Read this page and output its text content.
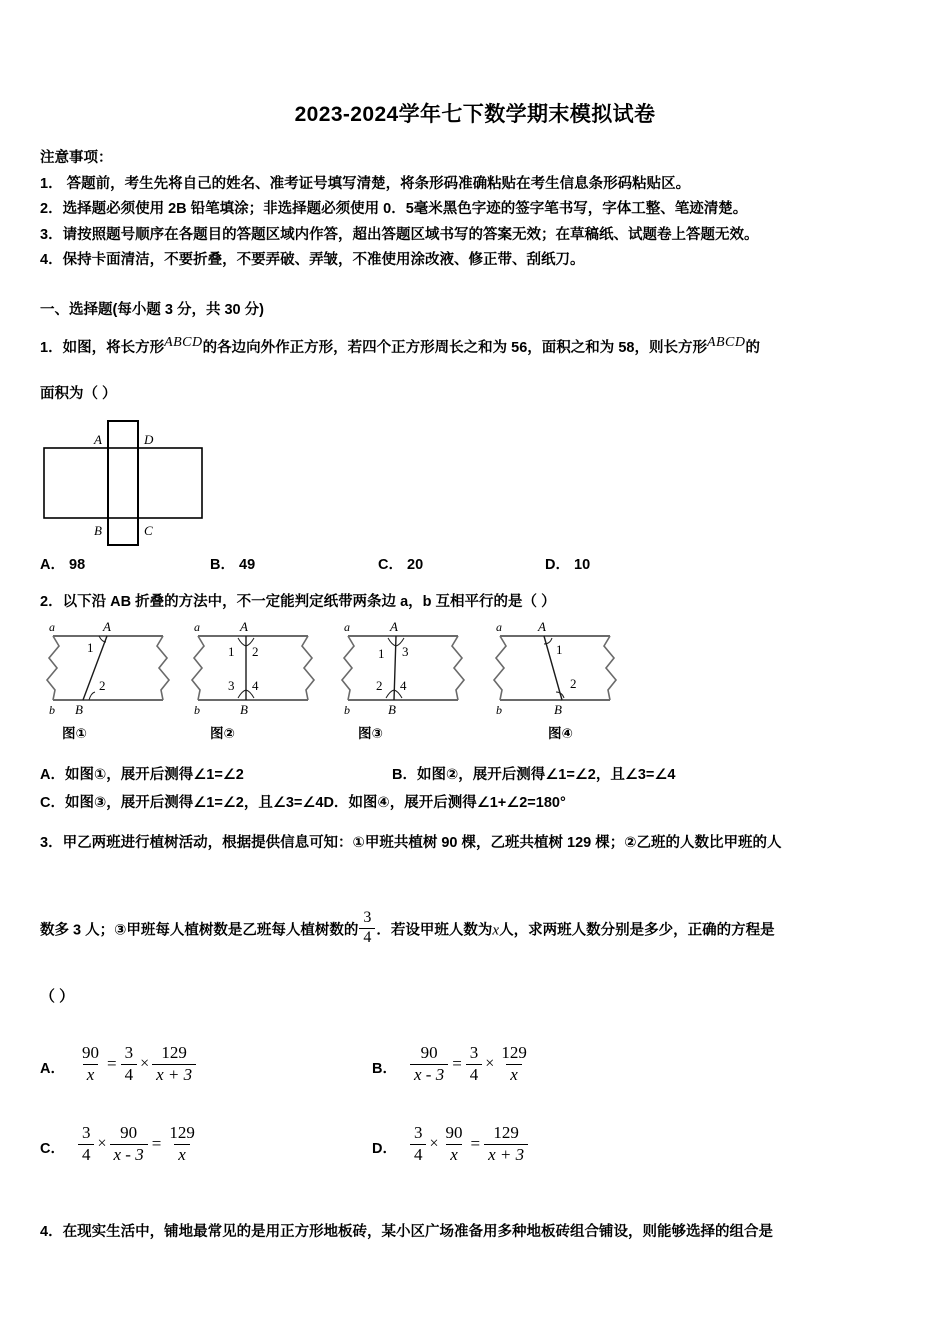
2023-2024学年七下数学期末模拟试卷
注意事项：
1． 答题前，考生先将自己的姓名、准考证号填写清楚，将条形码准确粘贴在考生信息条形码粘贴区。
2．选择题必须使用 2B 铅笔填涂；非选择题必须使用 0．5毫米黑色字迹的签字笔书写，字体工整、笔迹清楚。
3．请按照题号顺序在各题目的答题区域内作答，超出答题区域书写的答案无效；在草稿纸、试题卷上答题无效。
4．保持卡面清洁，不要折叠，不要弄破、弄皱，不准使用涂改液、修正带、刮纸刀。
一、选择题(每小题 3 分，共 30 分)
1．如图，将长方形ABCD的各边向外作正方形，若四个正方形周长之和为 56，面积之和为 58，则长方形ABCD的
面积为（ ）
A	D
B	C
A． 98	B． 49	C． 20	D． 10
2．以下沿 AB 折叠的方法中，不一定能判定纸带两条边 a，b 互相平行的是（ ）
a
b
A
B
1
2
图①
a
b
A
B
1 2
3 4
图②
a
b
A
B
1 3
2 4
图③
a
b
A
B
1
2
图④
A．如图①，展开后测得∠1=∠2	B．如图②，展开后测得∠1=∠2，且∠3=∠4
C．如图③，展开后测得∠1=∠2，且∠3=∠4D．如图④，展开后测得∠1+∠2=180°
3．甲乙两班进行植树活动，根据提供信息可知：①甲班共植树 90 棵，乙班共植树 129 棵；②乙班的人数比甲班的人
数多 3 人；③甲班每人植树数是乙班每人植树数的 $\frac{3}{4}$ ．若设甲班人数为x人，求两班人数分别是多少，正确的方程是
（ ）
A． $\frac{90}{x} = \frac{3}{4} \times \frac{129}{x + 3}$	B． $\frac{90}{x - 3} = \frac{3}{4} \times \frac{129}{x}$
C． $\frac{3}{4} \times \frac{90}{x - 3} = \frac{129}{x}$	D． $\frac{3}{4} \times \frac{90}{x} = \frac{129}{x + 3}$
4．在现实生活中，铺地最常见的是用正方形地板砖，某小区广场准备用多种地板砖组合铺设，则能够选择的组合是
